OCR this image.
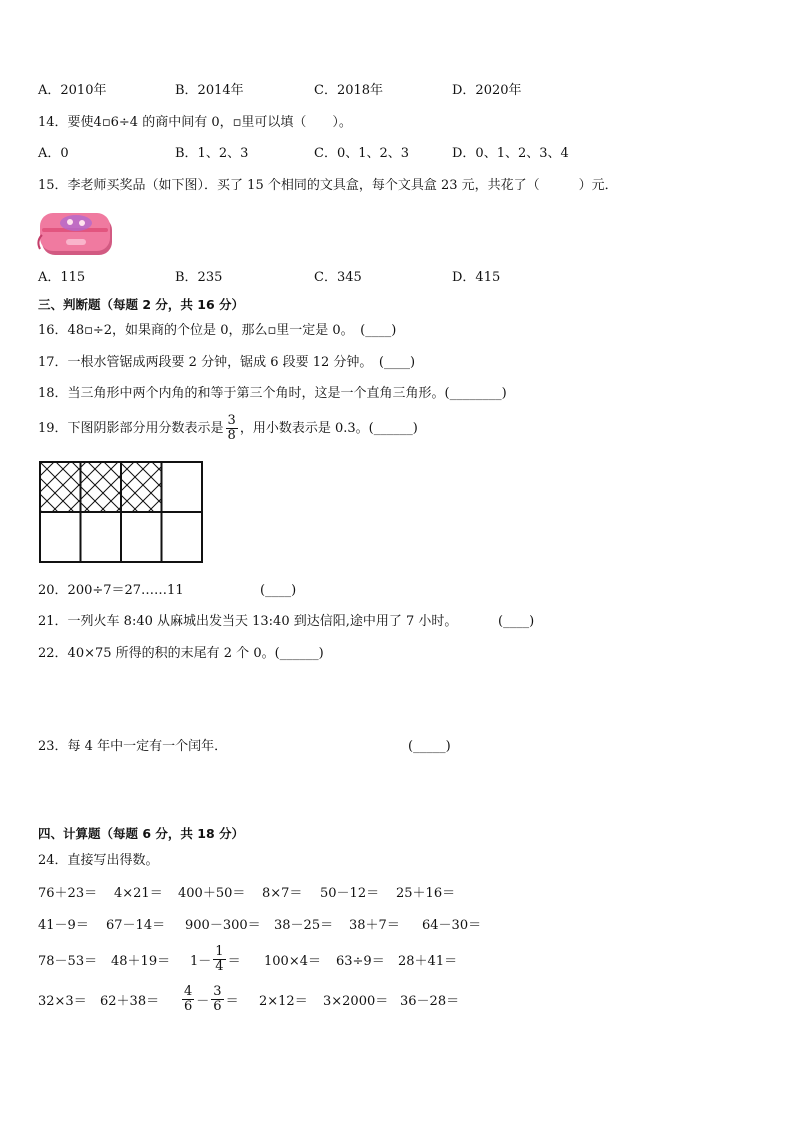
A．2010年	B．2014年	C．2018年	D．2020年
14．要使4▫6÷4 的商中间有 0，▫里可以填（　　）。
A．0	B．1、2、3	C．0、1、2、3	D．0、1、2、3、4
15．李老师买奖品（如下图）．买了 15 个相同的文具盒，每个文具盒 23 元，共花了（　　　）元．
A．115	B．235	C．345	D．415
三、判断题（每题 2 分，共 16 分）
16．48▫÷2，如果商的个位是 0，那么▫里一定是 0。　(____)
17．一根水管锯成两段要 2 分钟，锯成 6 段要 12 分钟。　(____)
18．当三角形中两个内角的和等于第三个角时，这是一个直角三角形。(________)
19．下图阴影部分用分数表示是 $\frac{3}{8}$ ，用小数表示是 0.3。(______)
20．200÷7＝27……11	(____)
21．一列火车 8:40 从麻城出发当天 13:40 到达信阳,途中用了 7 小时。	(____)
22．40×75 所得的积的末尾有 2 个 0。(______)
23．每 4 年中一定有一个闰年．	(_____)
四、计算题（每题 6 分，共 18 分）
24．直接写出得数。
76＋23＝ 4×21＝ 400＋50＝ 8×7＝ 50－12＝ 25＋16＝
41－9＝ 67－14＝ 900－300＝ 38－25＝ 38＋7＝ 64－30＝
$78-53= 48+19= 1- \frac{1}{4} = 100\times 4= 63\div 9= 28+41=$
$32\times 3= 62+38= \frac{4}{6} - \frac{3}{6} = 2\times 12= 3\times 2000= 36-28=$
